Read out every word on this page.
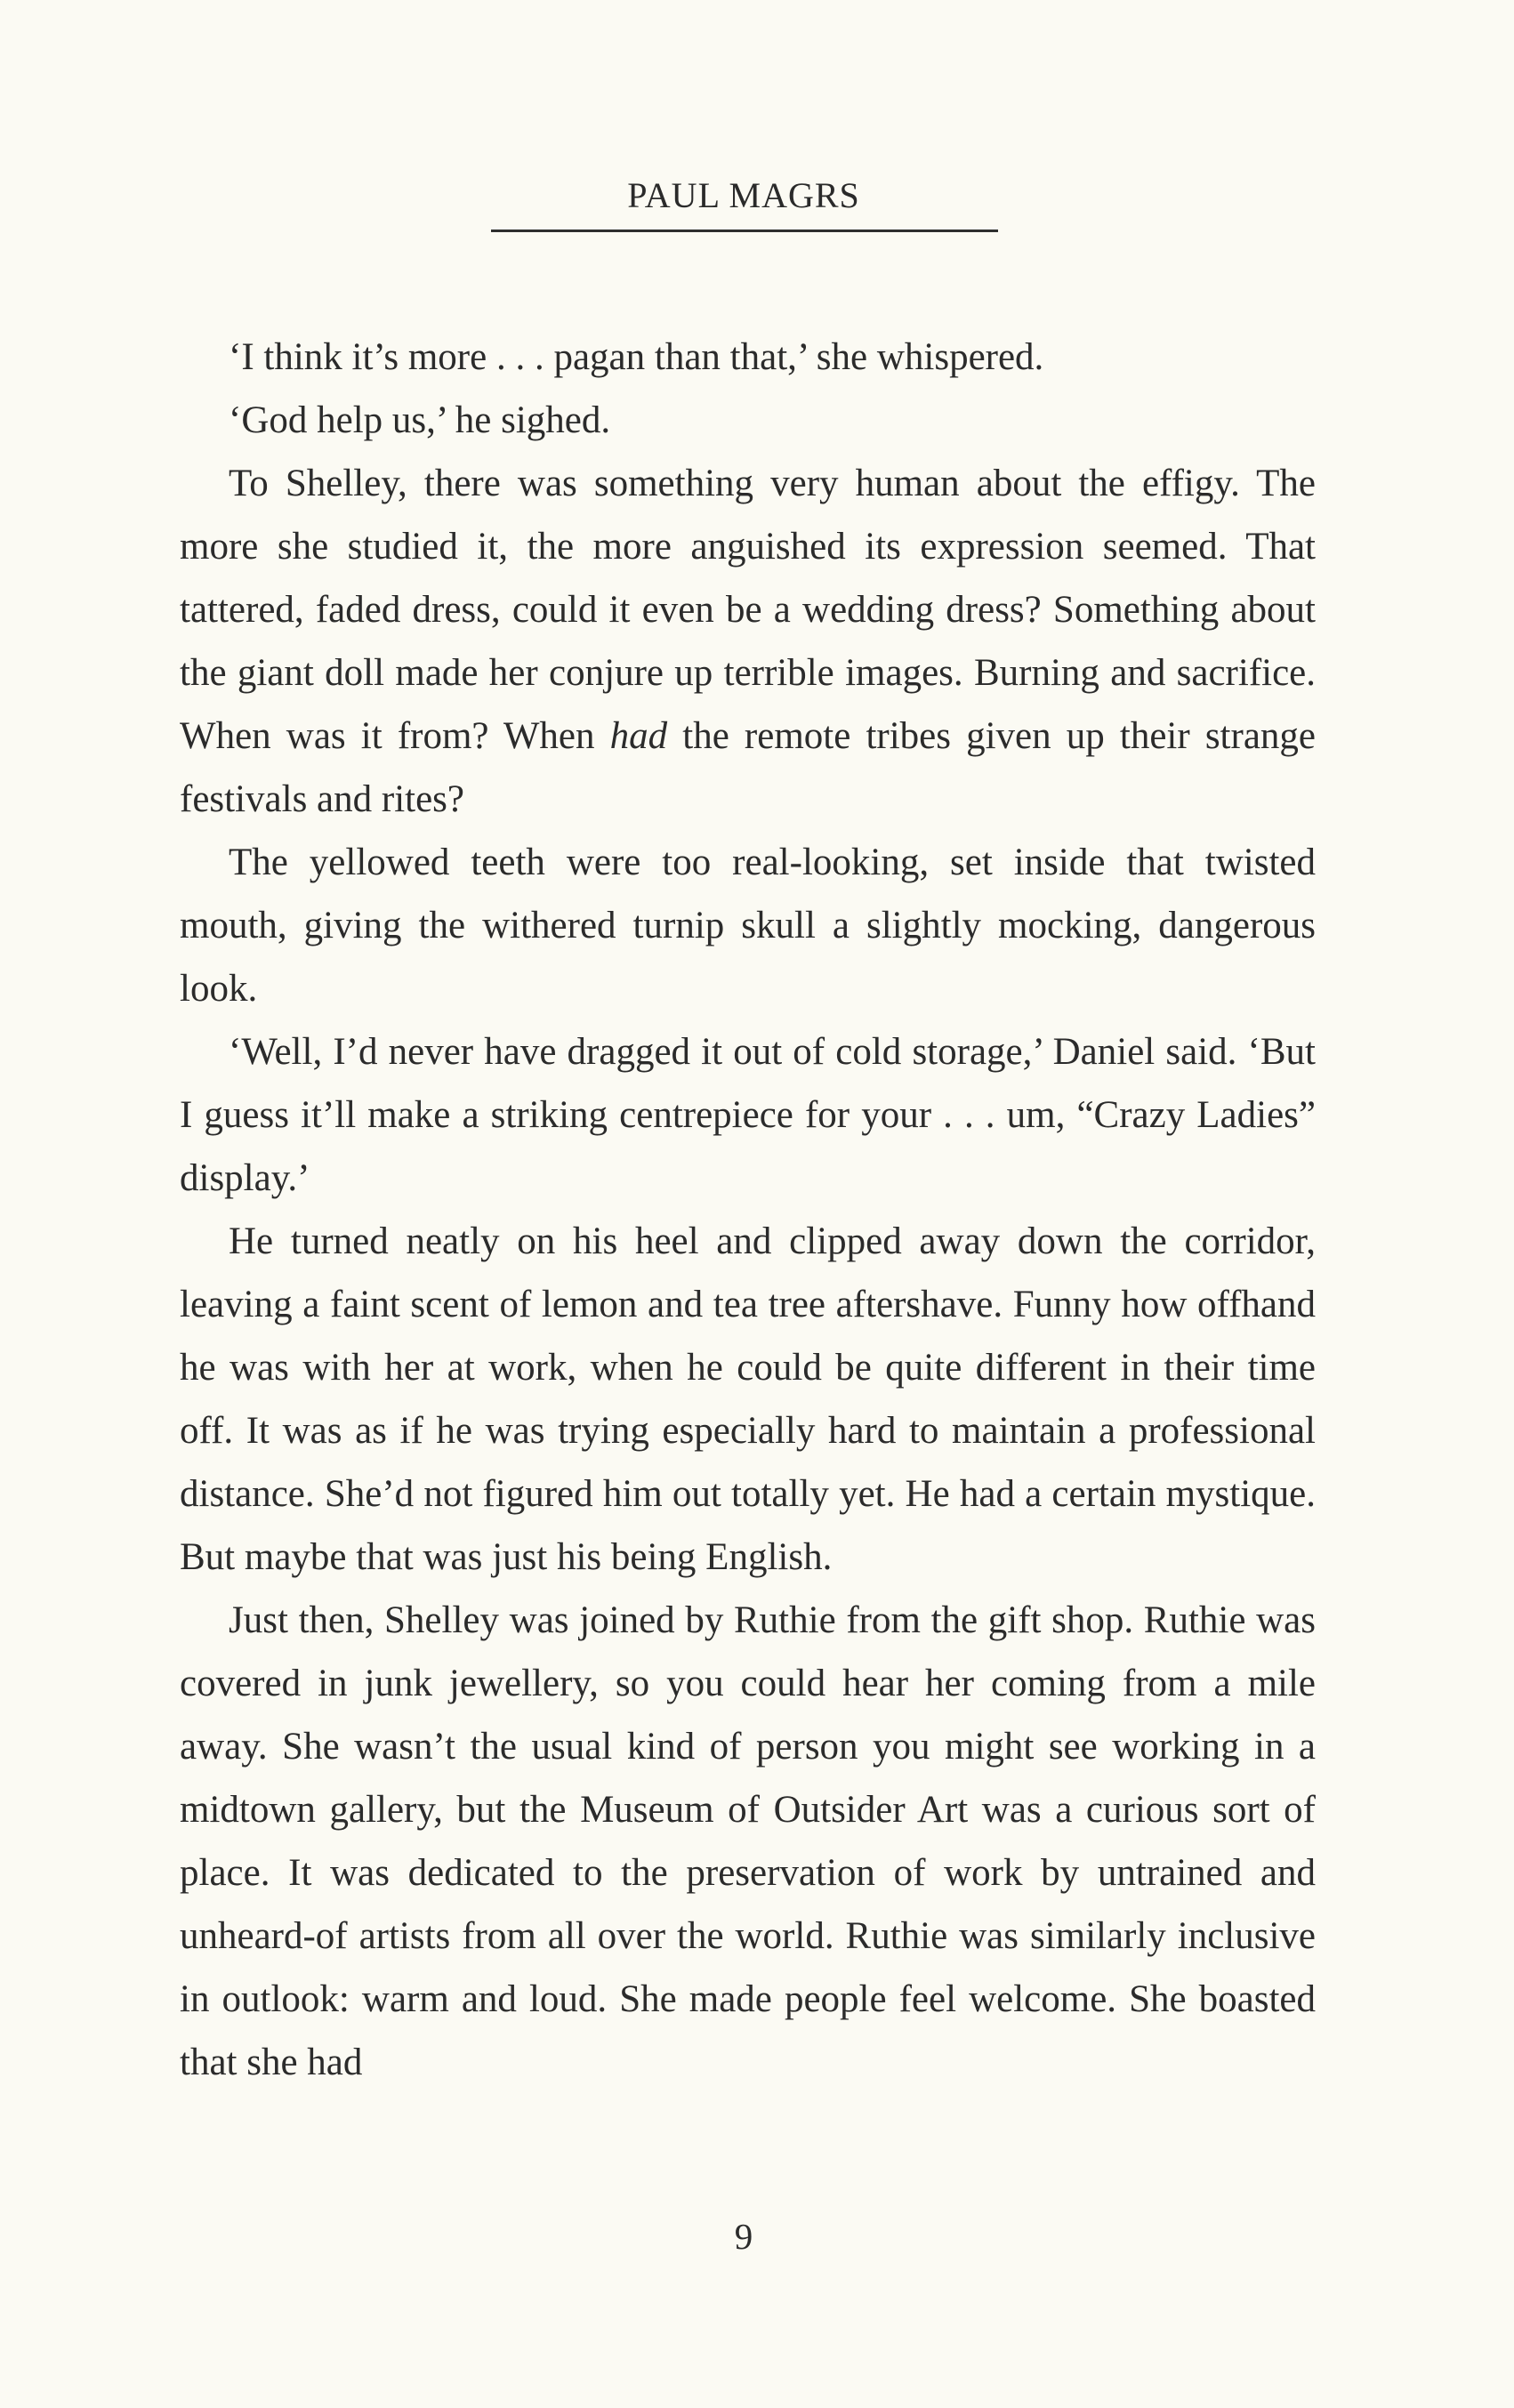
PAUL MAGRS

‘I think it’s more . . . pagan than that,’ she whispered.

‘God help us,’ he sighed.

To Shelley, there was something very human about the effigy. The more she studied it, the more anguished its expression seemed. That tattered, faded dress, could it even be a wedding dress? Something about the giant doll made her conjure up terrible images. Burning and sacrifice. When was it from? When had the remote tribes given up their strange festivals and rites?

The yellowed teeth were too real-looking, set inside that twisted mouth, giving the withered turnip skull a slightly mocking, dangerous look.

‘Well, I’d never have dragged it out of cold storage,’ Daniel said. ‘But I guess it’ll make a striking centrepiece for your . . . um, “Crazy Ladies” display.’

He turned neatly on his heel and clipped away down the corridor, leaving a faint scent of lemon and tea tree aftershave. Funny how offhand he was with her at work, when he could be quite different in their time off. It was as if he was trying especially hard to maintain a professional distance. She’d not figured him out totally yet. He had a certain mystique. But maybe that was just his being English.

Just then, Shelley was joined by Ruthie from the gift shop. Ruthie was covered in junk jewellery, so you could hear her coming from a mile away. She wasn’t the usual kind of person you might see working in a midtown gallery, but the Museum of Outsider Art was a curious sort of place. It was dedicated to the preservation of work by untrained and unheard-of artists from all over the world. Ruthie was similarly inclusive in outlook: warm and loud. She made people feel welcome. She boasted that she had

9
